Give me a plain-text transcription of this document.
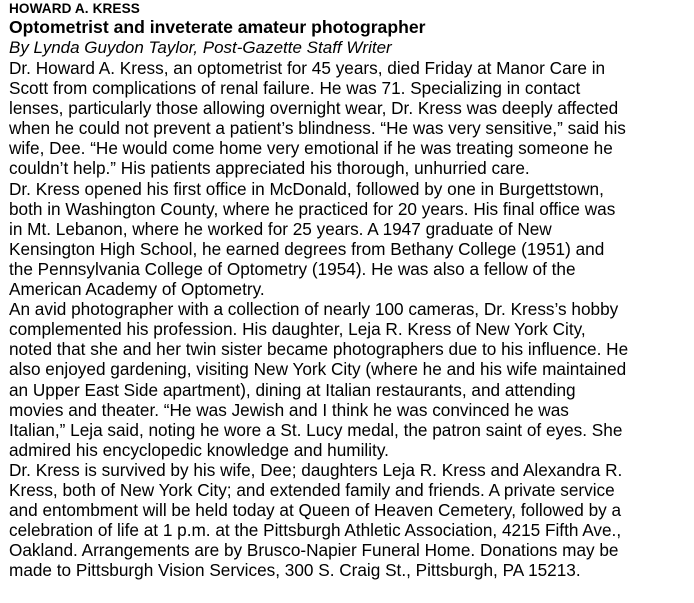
HOWARD A. KRESS
Optometrist and inveterate amateur photographer
By Lynda Guydon Taylor, Post-Gazette Staff Writer
Dr. Howard A. Kress, an optometrist for 45 years, died Friday at Manor Care in
Scott from complications of renal failure. He was 71. Specializing in contact
lenses, particularly those allowing overnight wear, Dr. Kress was deeply affected
when he could not prevent a patient’s blindness. “He was very sensitive,” said his
wife, Dee. “He would come home very emotional if he was treating someone he
couldn’t help.” His patients appreciated his thorough, unhurried care.
Dr. Kress opened his first office in McDonald, followed by one in Burgettstown,
both in Washington County, where he practiced for 20 years. His final office was
in Mt. Lebanon, where he worked for 25 years. A 1947 graduate of New
Kensington High School, he earned degrees from Bethany College (1951) and
the Pennsylvania College of Optometry (1954). He was also a fellow of the
American Academy of Optometry.
An avid photographer with a collection of nearly 100 cameras, Dr. Kress’s hobby
complemented his profession. His daughter, Leja R. Kress of New York City,
noted that she and her twin sister became photographers due to his influence. He
also enjoyed gardening, visiting New York City (where he and his wife maintained
an Upper East Side apartment), dining at Italian restaurants, and attending
movies and theater. “He was Jewish and I think he was convinced he was
Italian,” Leja said, noting he wore a St. Lucy medal, the patron saint of eyes. She
admired his encyclopedic knowledge and humility.
Dr. Kress is survived by his wife, Dee; daughters Leja R. Kress and Alexandra R.
Kress, both of New York City; and extended family and friends. A private service
and entombment will be held today at Queen of Heaven Cemetery, followed by a
celebration of life at 1 p.m. at the Pittsburgh Athletic Association, 4215 Fifth Ave.,
Oakland. Arrangements are by Brusco-Napier Funeral Home. Donations may be
made to Pittsburgh Vision Services, 300 S. Craig St., Pittsburgh, PA 15213.
